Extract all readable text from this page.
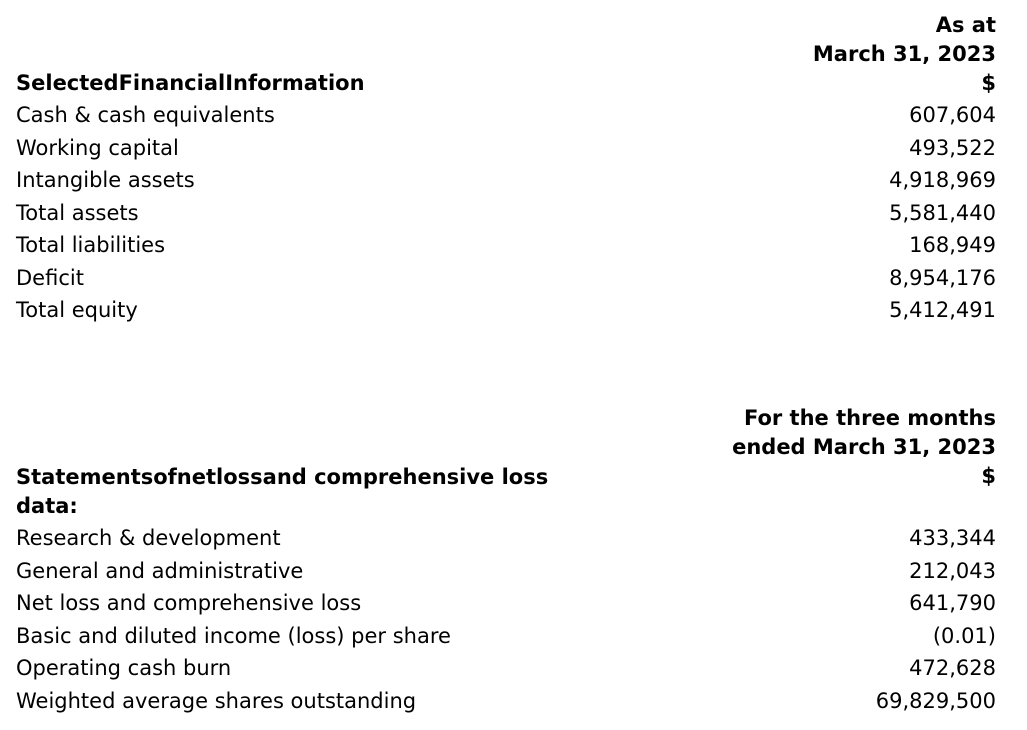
As at
March 31, 2023
$
SelectedFinancialInformation
Cash & cash equivalents	607,604
Working capital	493,522
Intangible assets	4,918,969
Total assets	5,581,440
Total liabilities	168,949
Deficit	8,954,176
Total equity	5,412,491
For the three months
ended March 31, 2023
$
Statementsofnetlossand comprehensive loss data:
Research & development	433,344
General and administrative	212,043
Net loss and comprehensive loss	641,790
Basic and diluted income (loss) per share	(0.01)
Operating cash burn	472,628
Weighted average shares outstanding	69,829,500
